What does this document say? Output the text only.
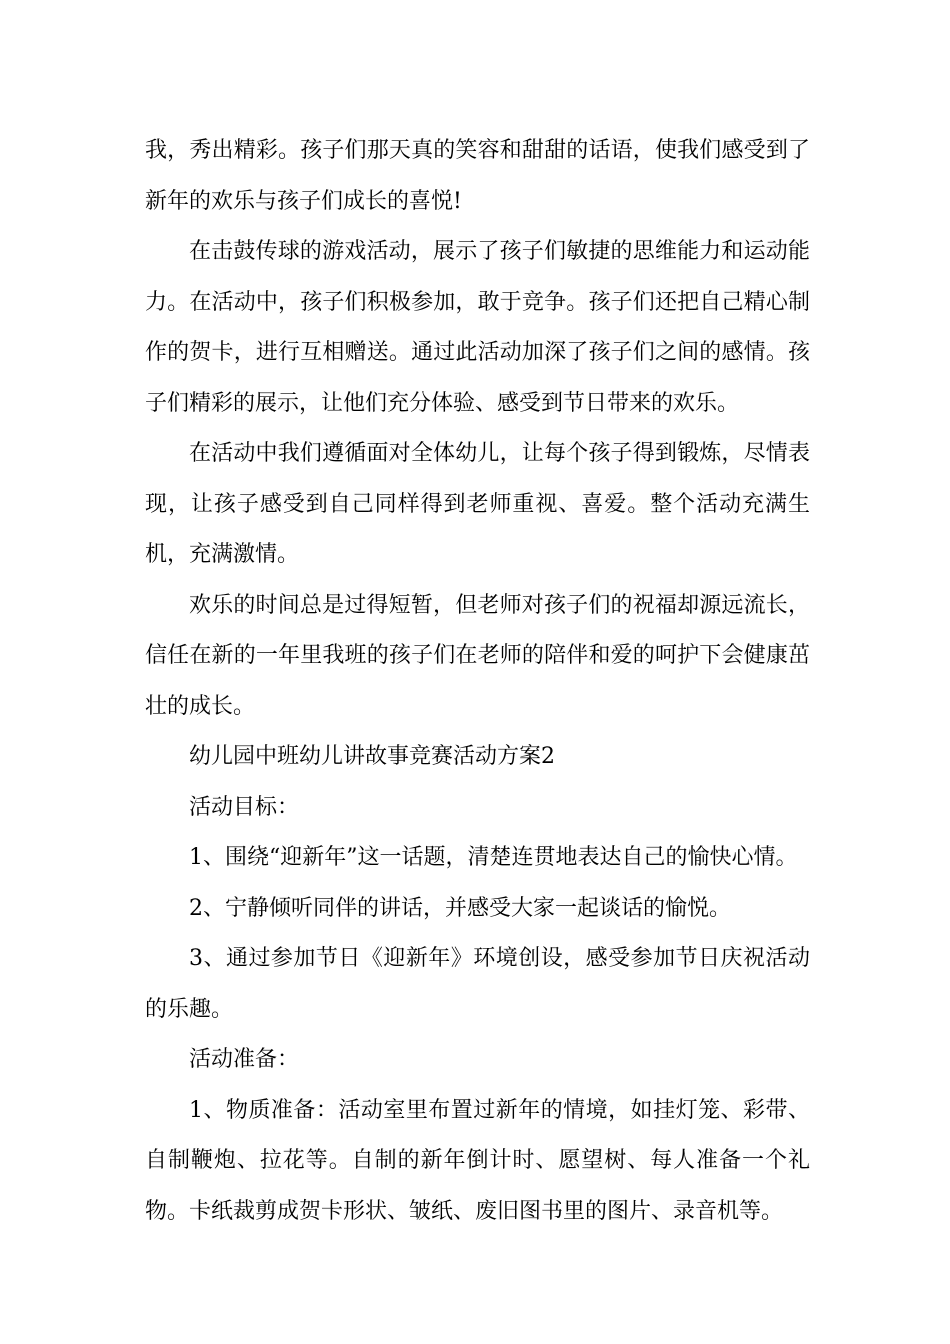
我，秀出精彩。孩子们那天真的笑容和甜甜的话语，使我们感受到了新年的欢乐与孩子们成长的喜悦!

在击鼓传球的游戏活动，展示了孩子们敏捷的思维能力和运动能力。在活动中，孩子们积极参加，敢于竞争。孩子们还把自己精心制作的贺卡，进行互相赠送。通过此活动加深了孩子们之间的感情。孩子们精彩的展示，让他们充分体验、感受到节日带来的欢乐。

在活动中我们遵循面对全体幼儿，让每个孩子得到锻炼，尽情表现，让孩子感受到自己同样得到老师重视、喜爱。整个活动充满生机，充满激情。

欢乐的时间总是过得短暂，但老师对孩子们的祝福却源远流长，信任在新的一年里我班的孩子们在老师的陪伴和爱的呵护下会健康茁壮的成长。

幼儿园中班幼儿讲故事竞赛活动方案2

活动目标：

1、围绕“迎新年”这一话题，清楚连贯地表达自己的愉快心情。

2、宁静倾听同伴的讲话，并感受大家一起谈话的愉悦。

3、通过参加节日《迎新年》环境创设，感受参加节日庆祝活动的乐趣。

活动准备：

1、物质准备：活动室里布置过新年的情境，如挂灯笼、彩带、自制鞭炮、拉花等。自制的新年倒计时、愿望树、每人准备一个礼物。卡纸裁剪成贺卡形状、皱纸、废旧图书里的图片、录音机等。
